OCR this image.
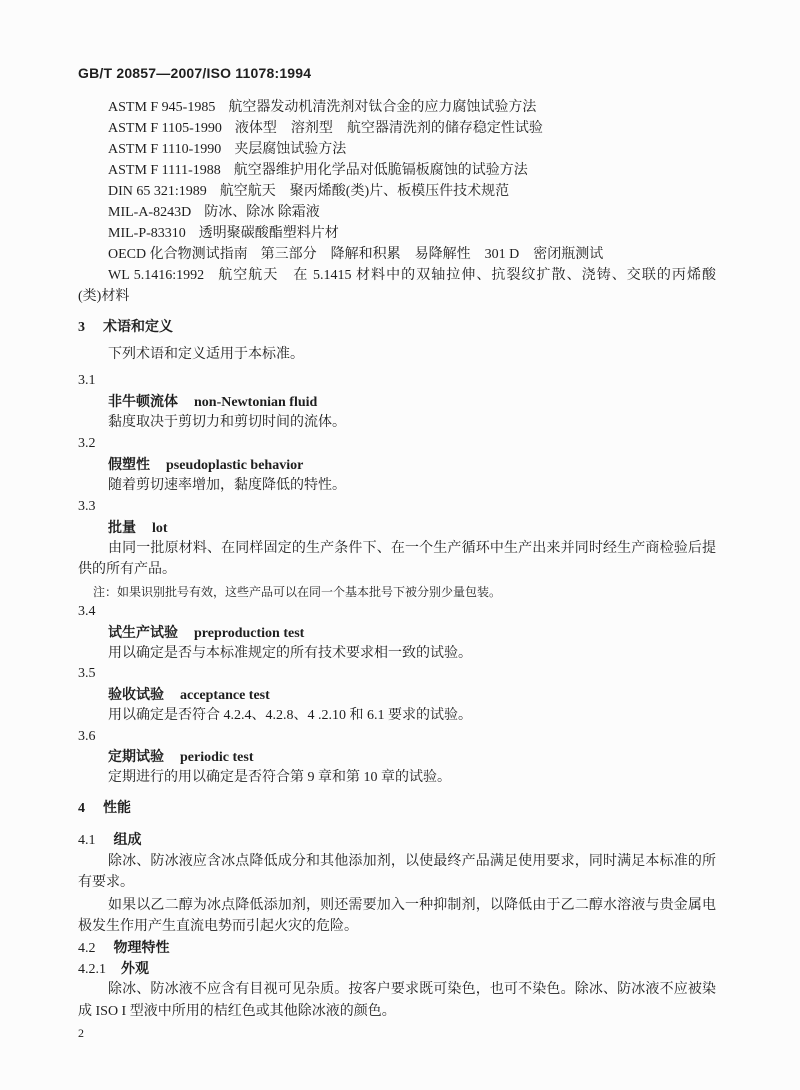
GB/T 20857—2007/ISO 11078:1994
ASTM F 945-1985 航空器发动机清洗剂对钛合金的应力腐蚀试验方法
ASTM F 1105-1990 液体型　溶剂型　航空器清洗剂的储存稳定性试验
ASTM F 1110-1990 夹层腐蚀试验方法
ASTM F 1111-1988 航空器维护用化学品对低脆镉板腐蚀的试验方法
DIN 65 321:1989 航空航天　聚丙烯酸(类)片、板模压件技术规范
MIL-A-8243D 防冰、除冰 除霜液
MIL-P-83310 透明聚碳酸酯塑料片材
OECD 化合物测试指南 第三部分　降解和积累　易降解性　301 D　密闭瓶测试
WL 5.1416:1992 航空航天　在 5.1415 材料中的双轴拉伸、抗裂纹扩散、浇铸、交联的丙烯酸
(类)材料
3 术语和定义
下列术语和定义适用于本标准。
3.1
非牛顿流体 non-Newtonian fluid
黏度取决于剪切力和剪切时间的流体。
3.2
假塑性 pseudoplastic behavior
随着剪切速率增加，黏度降低的特性。
3.3
批量 lot
由同一批原材料、在同样固定的生产条件下、在一个生产循环中生产出来并同时经生产商检验后提
供的所有产品。
注：如果识别批号有效，这些产品可以在同一个基本批号下被分别少量包装。
3.4
试生产试验 preproduction test
用以确定是否与本标准规定的所有技术要求相一致的试验。
3.5
验收试验 acceptance test
用以确定是否符合 4.2.4、4.2.8、4 .2.10 和 6.1 要求的试验。
3.6
定期试验 periodic test
定期进行的用以确定是否符合第 9 章和第 10 章的试验。
4 性能
4.1 组成
除冰、防冰液应含冰点降低成分和其他添加剂，以使最终产品满足使用要求，同时满足本标准的所
有要求。
如果以乙二醇为冰点降低添加剂，则还需要加入一种抑制剂，以降低由于乙二醇水溶液与贵金属电
极发生作用产生直流电势而引起火灾的危险。
4.2 物理特性
4.2.1 外观
除冰、防冰液不应含有目视可见杂质。按客户要求既可染色，也可不染色。除冰、防冰液不应被染
成 ISO I 型液中所用的桔红色或其他除冰液的颜色。
2
